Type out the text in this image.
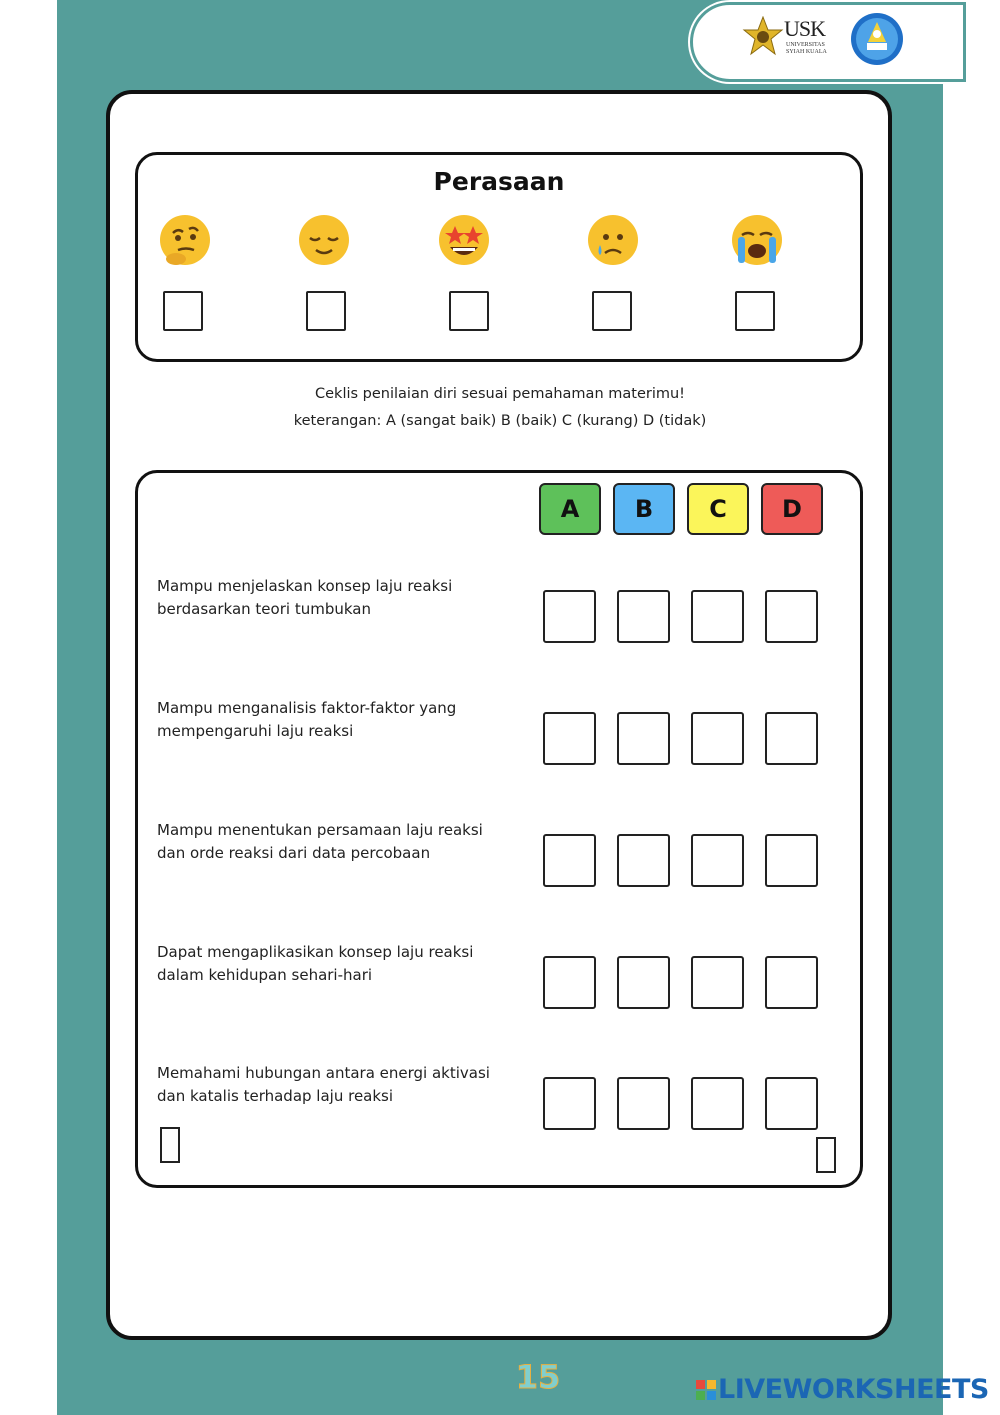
USK
UNIVERSITAS SYIAH KUALA
Perasaan
Ceklis penilaian diri sesuai pemahaman materimu!
keterangan: A (sangat baik) B (baik) C (kurang) D (tidak)
A	B	C	D
Mampu menjelaskan konsep laju reaksi
berdasarkan teori tumbukan
Mampu menganalisis faktor-faktor yang
mempengaruhi laju reaksi
Mampu menentukan persamaan laju reaksi
dan orde reaksi dari data percobaan
Dapat mengaplikasikan konsep laju reaksi
dalam kehidupan sehari-hari
Memahami hubungan antara energi aktivasi
dan katalis terhadap laju reaksi
15	LIVEWORKSHEETS
